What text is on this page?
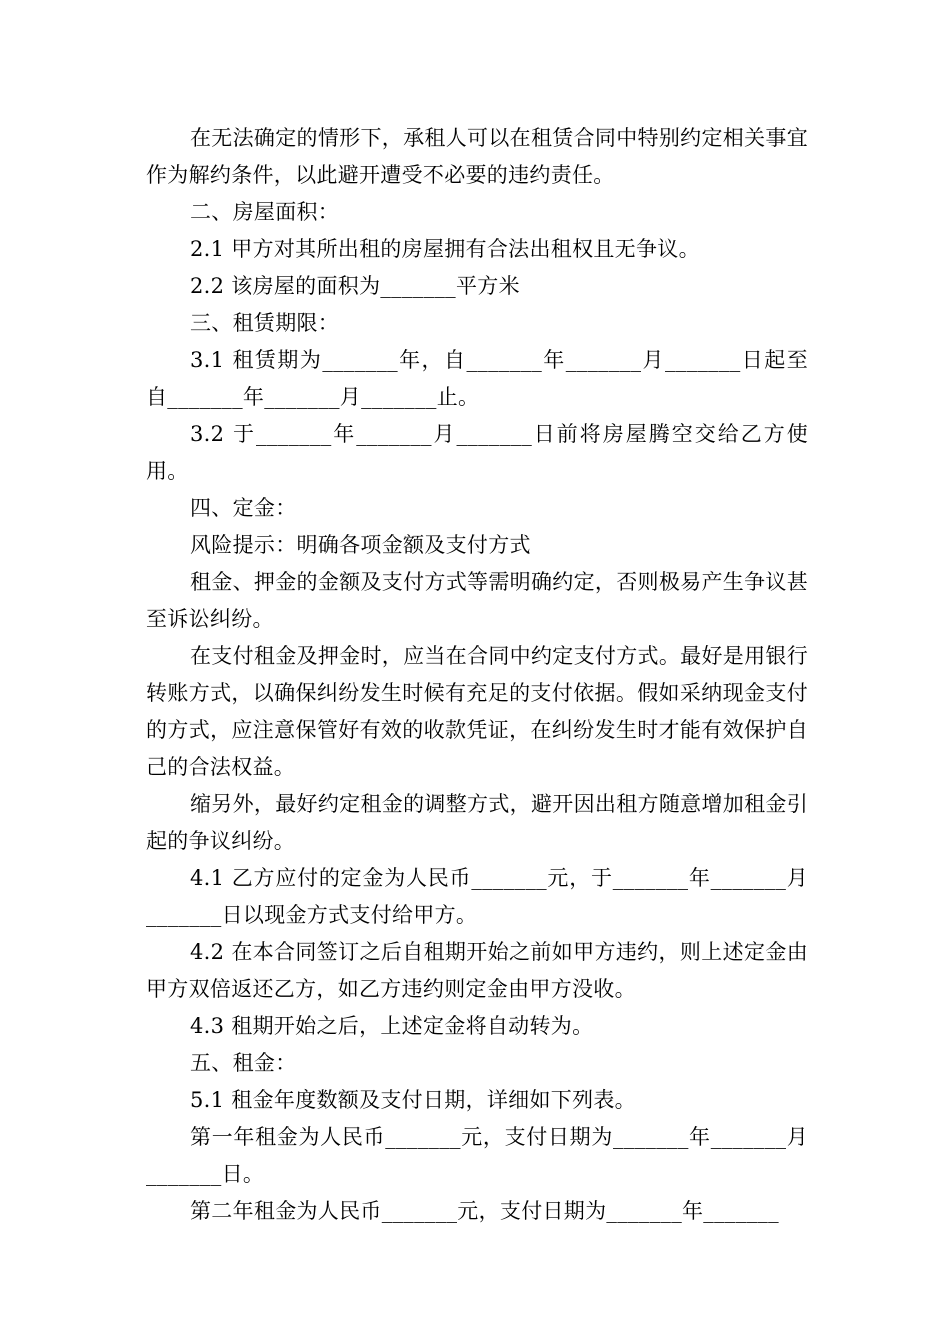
在无法确定的情形下，承租人可以在租赁合同中特别约定相关事宜作为解约条件，以此避开遭受不必要的违约责任。

二、房屋面积：

2.1 甲方对其所出租的房屋拥有合法出租权且无争议。

2.2 该房屋的面积为_______平方米

三、租赁期限：

3.1 租赁期为_______年，自_______年_______月_______日起至自_______年_______月_______止。

3.2 于_______年_______月_______日前将房屋腾空交给乙方使用。

四、定金：

风险提示：明确各项金额及支付方式

租金、押金的金额及支付方式等需明确约定，否则极易产生争议甚至诉讼纠纷。

在支付租金及押金时，应当在合同中约定支付方式。最好是用银行转账方式，以确保纠纷发生时候有充足的支付依据。假如采纳现金支付的方式，应注意保管好有效的收款凭证，在纠纷发生时才能有效保护自己的合法权益。

缩另外，最好约定租金的调整方式，避开因出租方随意增加租金引起的争议纠纷。

4.1 乙方应付的定金为人民币_______元，于_______年_______月_______日以现金方式支付给甲方。

4.2 在本合同签订之后自租期开始之前如甲方违约，则上述定金由甲方双倍返还乙方，如乙方违约则定金由甲方没收。

4.3 租期开始之后，上述定金将自动转为。

五、租金：

5.1 租金年度数额及支付日期，详细如下列表。

第一年租金为人民币_______元，支付日期为_______年_______月_______日。

第二年租金为人民币_______元，支付日期为_______年_______
